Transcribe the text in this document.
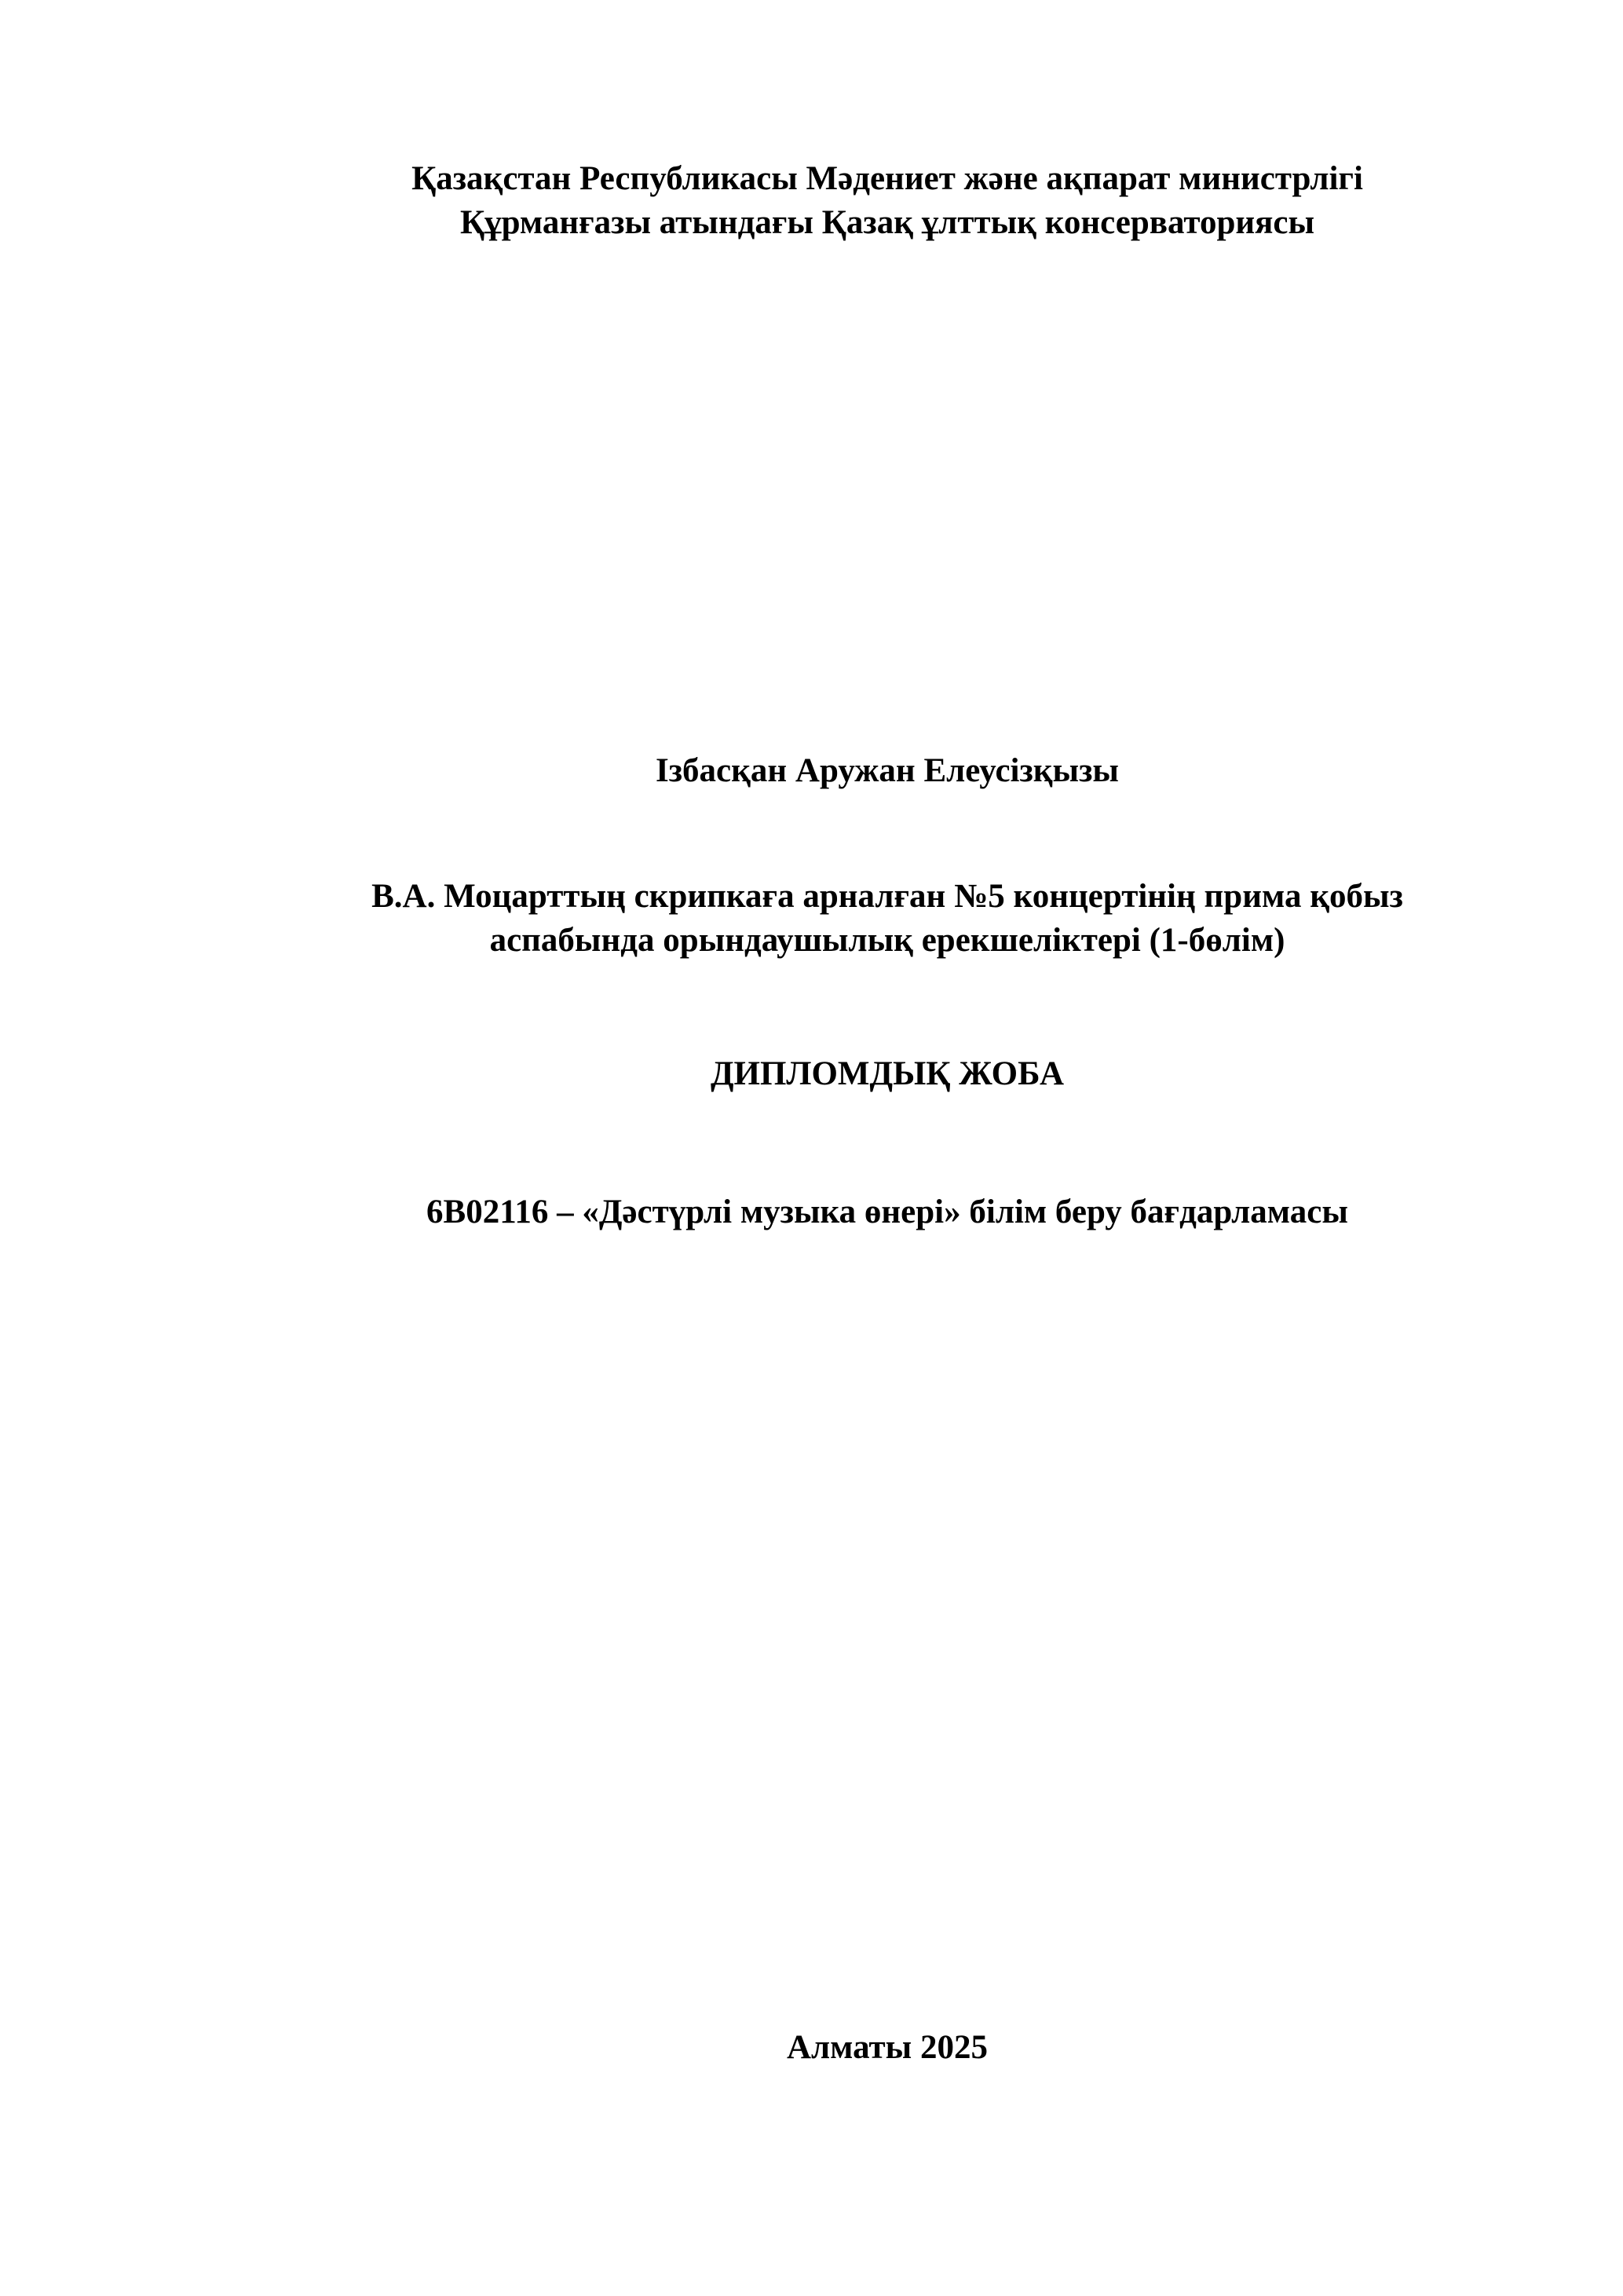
Қазақстан Республикасы Мәдениет және ақпарат министрлігі
Құрманғазы атындағы Қазақ ұлттық консерваториясы
Ізбасқан Аружан Елеусізқызы
В.А. Моцарттың скрипкаға арналған №5 концертінің прима қобыз
аспабында орындаушылық ерекшеліктері (1-бөлім)
ДИПЛОМДЫҚ ЖОБА
6B02116 – «Дәстүрлі музыка өнері» білім беру бағдарламасы
Алматы 2025
